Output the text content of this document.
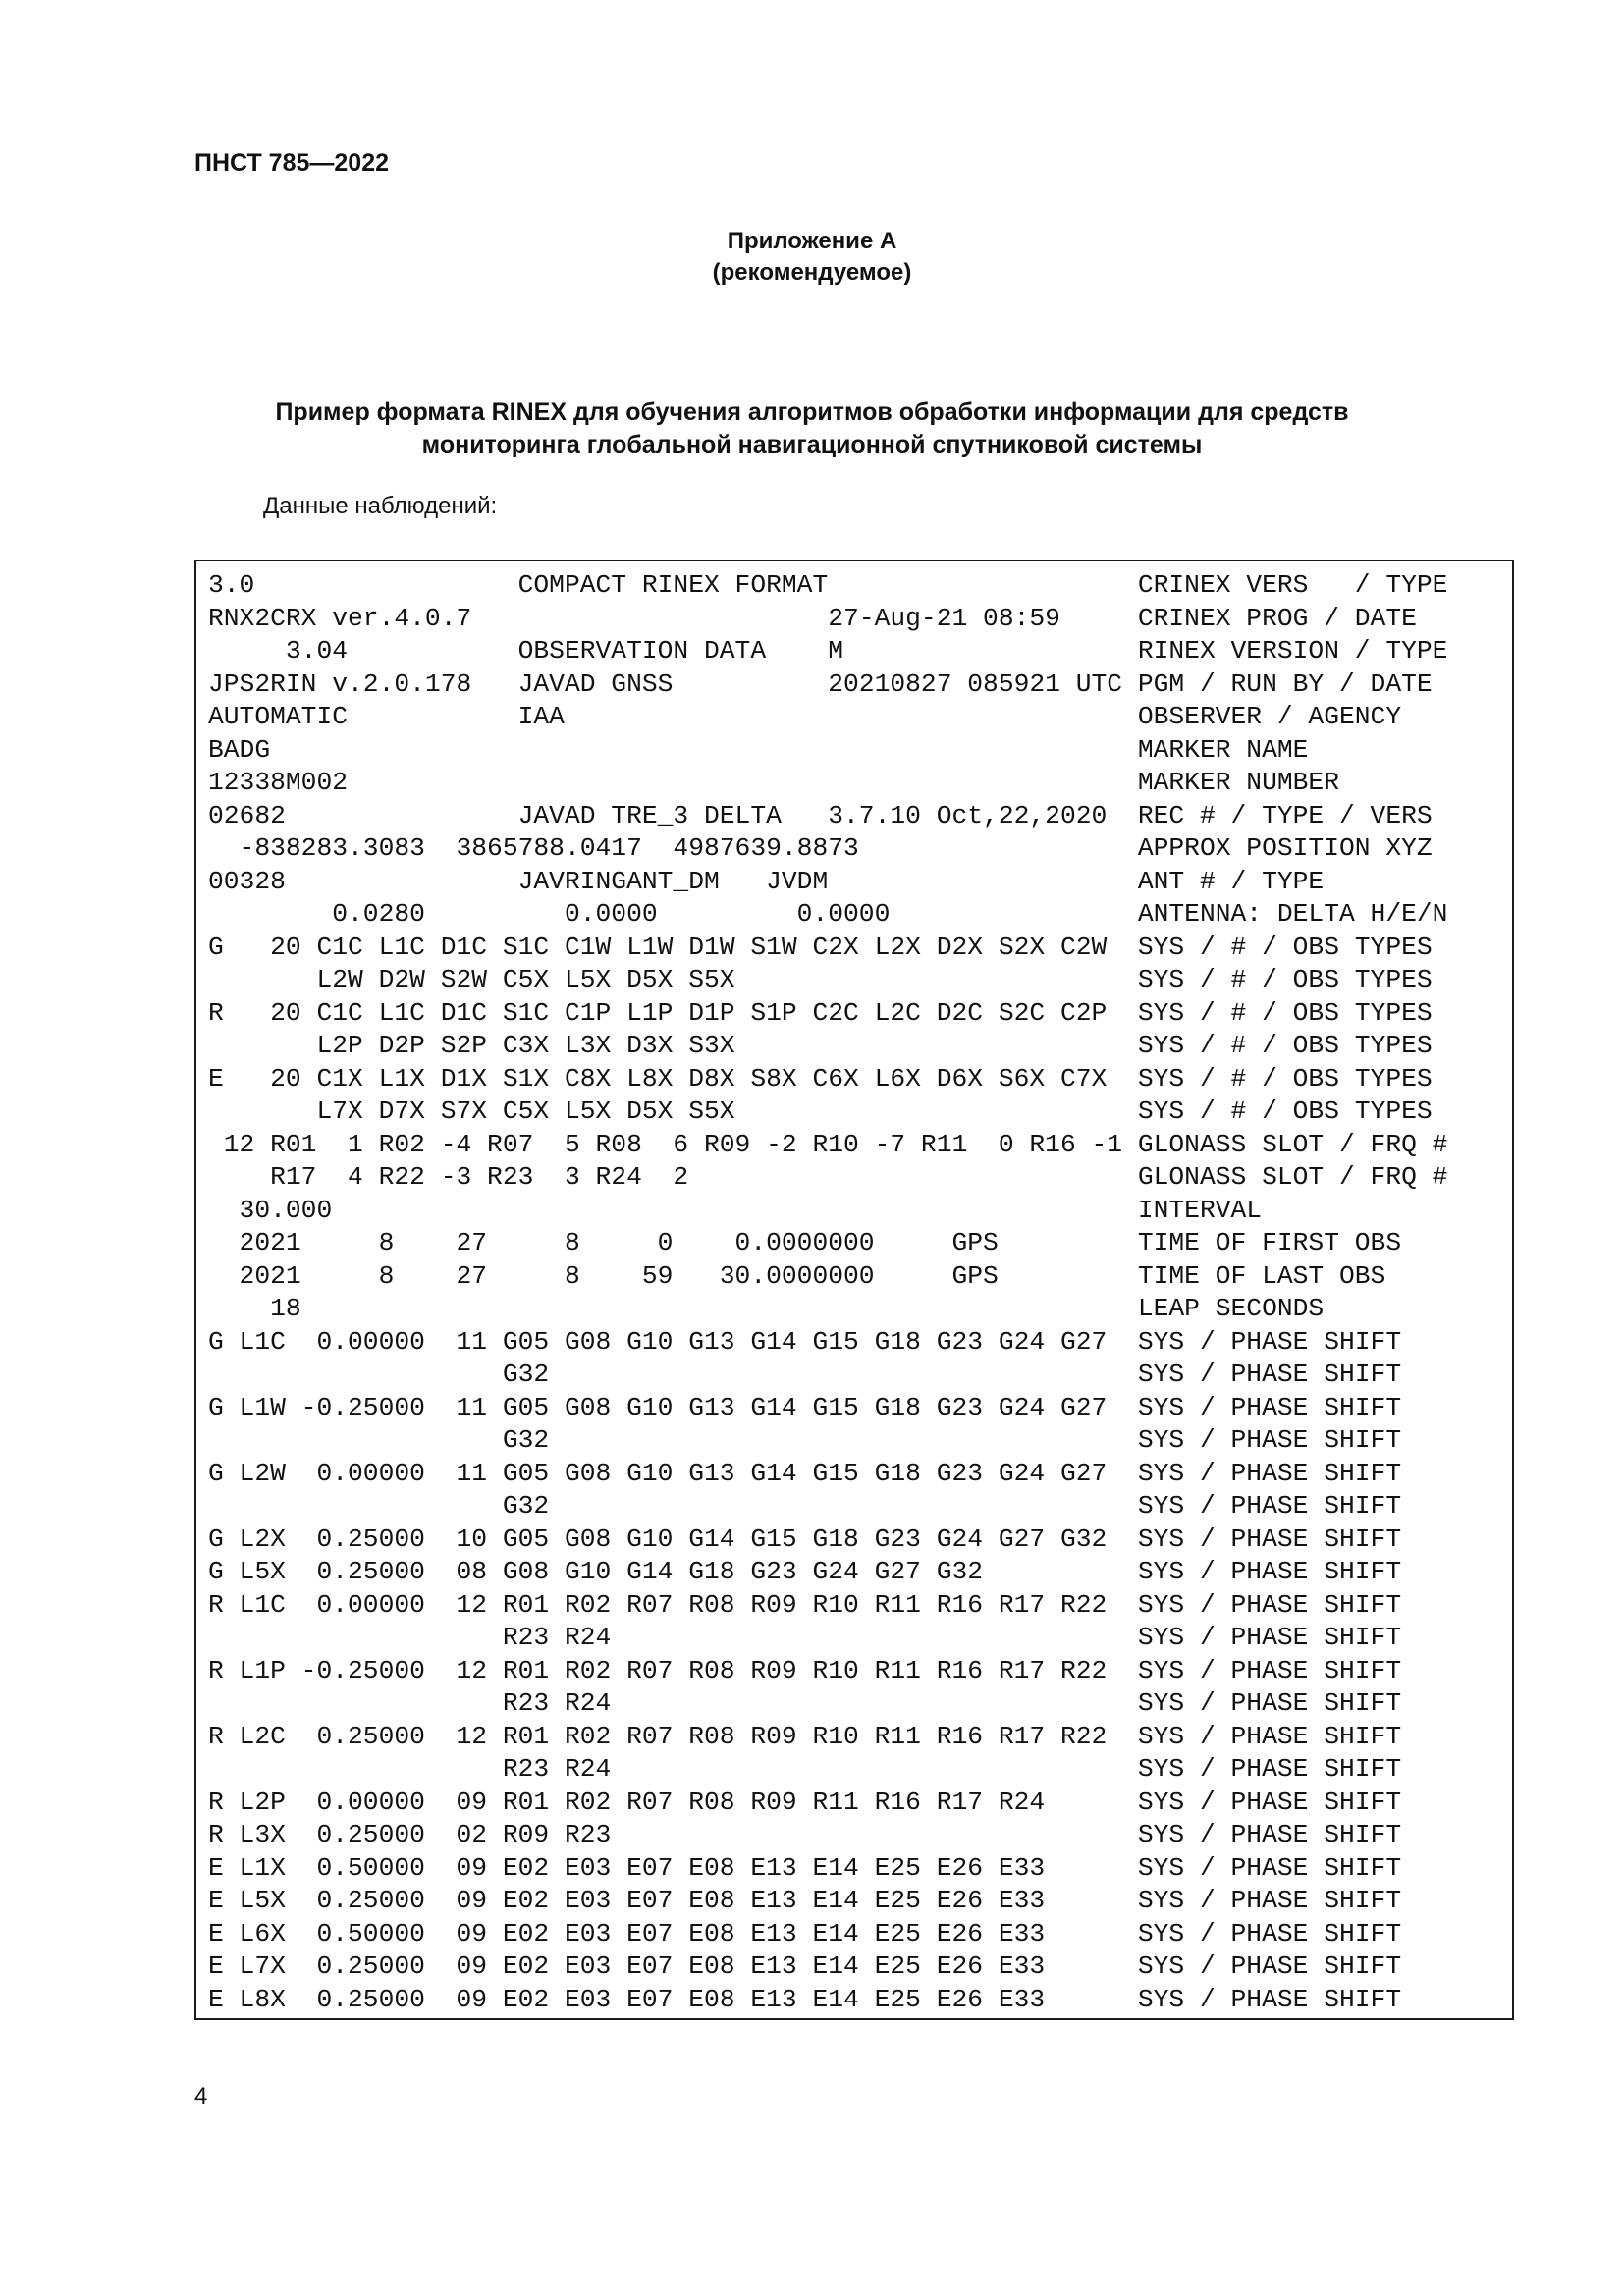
ПНСТ 785—2022
Приложение А
(рекомендуемое)
Пример формата RINEX для обучения алгоритмов обработки информации для средств
мониторинга глобальной навигационной спутниковой системы
Данные наблюдений:
3.0                 COMPACT RINEX FORMAT                    CRINEX VERS   / TYPE
RNX2CRX ver.4.0.7                       27-Aug-21 08:59     CRINEX PROG / DATE
3.04           OBSERVATION DATA    M                   RINEX VERSION / TYPE
JPS2RIN v.2.0.178   JAVAD GNSS          20210827 085921 UTC PGM / RUN BY / DATE
AUTOMATIC           IAA                                     OBSERVER / AGENCY
BADG                                                        MARKER NAME
12338M002                                                   MARKER NUMBER
02682               JAVAD TRE_3 DELTA   3.7.10 Oct,22,2020  REC # / TYPE / VERS
-838283.3083  3865788.0417  4987639.8873                  APPROX POSITION XYZ
00328               JAVRINGANT_DM   JVDM                    ANT # / TYPE
0.0280         0.0000         0.0000                ANTENNA: DELTA H/E/N
G   20 C1C L1C D1C S1C C1W L1W D1W S1W C2X L2X D2X S2X C2W  SYS / # / OBS TYPES
L2W D2W S2W C5X L5X D5X S5X                          SYS / # / OBS TYPES
R   20 C1C L1C D1C S1C C1P L1P D1P S1P C2C L2C D2C S2C C2P  SYS / # / OBS TYPES
L2P D2P S2P C3X L3X D3X S3X                          SYS / # / OBS TYPES
E   20 C1X L1X D1X S1X C8X L8X D8X S8X C6X L6X D6X S6X C7X  SYS / # / OBS TYPES
L7X D7X S7X C5X L5X D5X S5X                          SYS / # / OBS TYPES
12 R01  1 R02 -4 R07  5 R08  6 R09 -2 R10 -7 R11  0 R16 -1 GLONASS SLOT / FRQ #
R17  4 R22 -3 R23  3 R24  2                             GLONASS SLOT / FRQ #
30.000                                                    INTERVAL
2021     8    27     8     0    0.0000000     GPS         TIME OF FIRST OBS
2021     8    27     8    59   30.0000000     GPS         TIME OF LAST OBS
18                                                      LEAP SECONDS
G L1C  0.00000  11 G05 G08 G10 G13 G14 G15 G18 G23 G24 G27  SYS / PHASE SHIFT
G32                                      SYS / PHASE SHIFT
G L1W -0.25000  11 G05 G08 G10 G13 G14 G15 G18 G23 G24 G27  SYS / PHASE SHIFT
G32                                      SYS / PHASE SHIFT
G L2W  0.00000  11 G05 G08 G10 G13 G14 G15 G18 G23 G24 G27  SYS / PHASE SHIFT
G32                                      SYS / PHASE SHIFT
G L2X  0.25000  10 G05 G08 G10 G14 G15 G18 G23 G24 G27 G32  SYS / PHASE SHIFT
G L5X  0.25000  08 G08 G10 G14 G18 G23 G24 G27 G32          SYS / PHASE SHIFT
R L1C  0.00000  12 R01 R02 R07 R08 R09 R10 R11 R16 R17 R22  SYS / PHASE SHIFT
R23 R24                                  SYS / PHASE SHIFT
R L1P -0.25000  12 R01 R02 R07 R08 R09 R10 R11 R16 R17 R22  SYS / PHASE SHIFT
R23 R24                                  SYS / PHASE SHIFT
R L2C  0.25000  12 R01 R02 R07 R08 R09 R10 R11 R16 R17 R22  SYS / PHASE SHIFT
R23 R24                                  SYS / PHASE SHIFT
R L2P  0.00000  09 R01 R02 R07 R08 R09 R11 R16 R17 R24      SYS / PHASE SHIFT
R L3X  0.25000  02 R09 R23                                  SYS / PHASE SHIFT
E L1X  0.50000  09 E02 E03 E07 E08 E13 E14 E25 E26 E33      SYS / PHASE SHIFT
E L5X  0.25000  09 E02 E03 E07 E08 E13 E14 E25 E26 E33      SYS / PHASE SHIFT
E L6X  0.50000  09 E02 E03 E07 E08 E13 E14 E25 E26 E33      SYS / PHASE SHIFT
E L7X  0.25000  09 E02 E03 E07 E08 E13 E14 E25 E26 E33      SYS / PHASE SHIFT
E L8X  0.25000  09 E02 E03 E07 E08 E13 E14 E25 E26 E33      SYS / PHASE SHIFT
4
